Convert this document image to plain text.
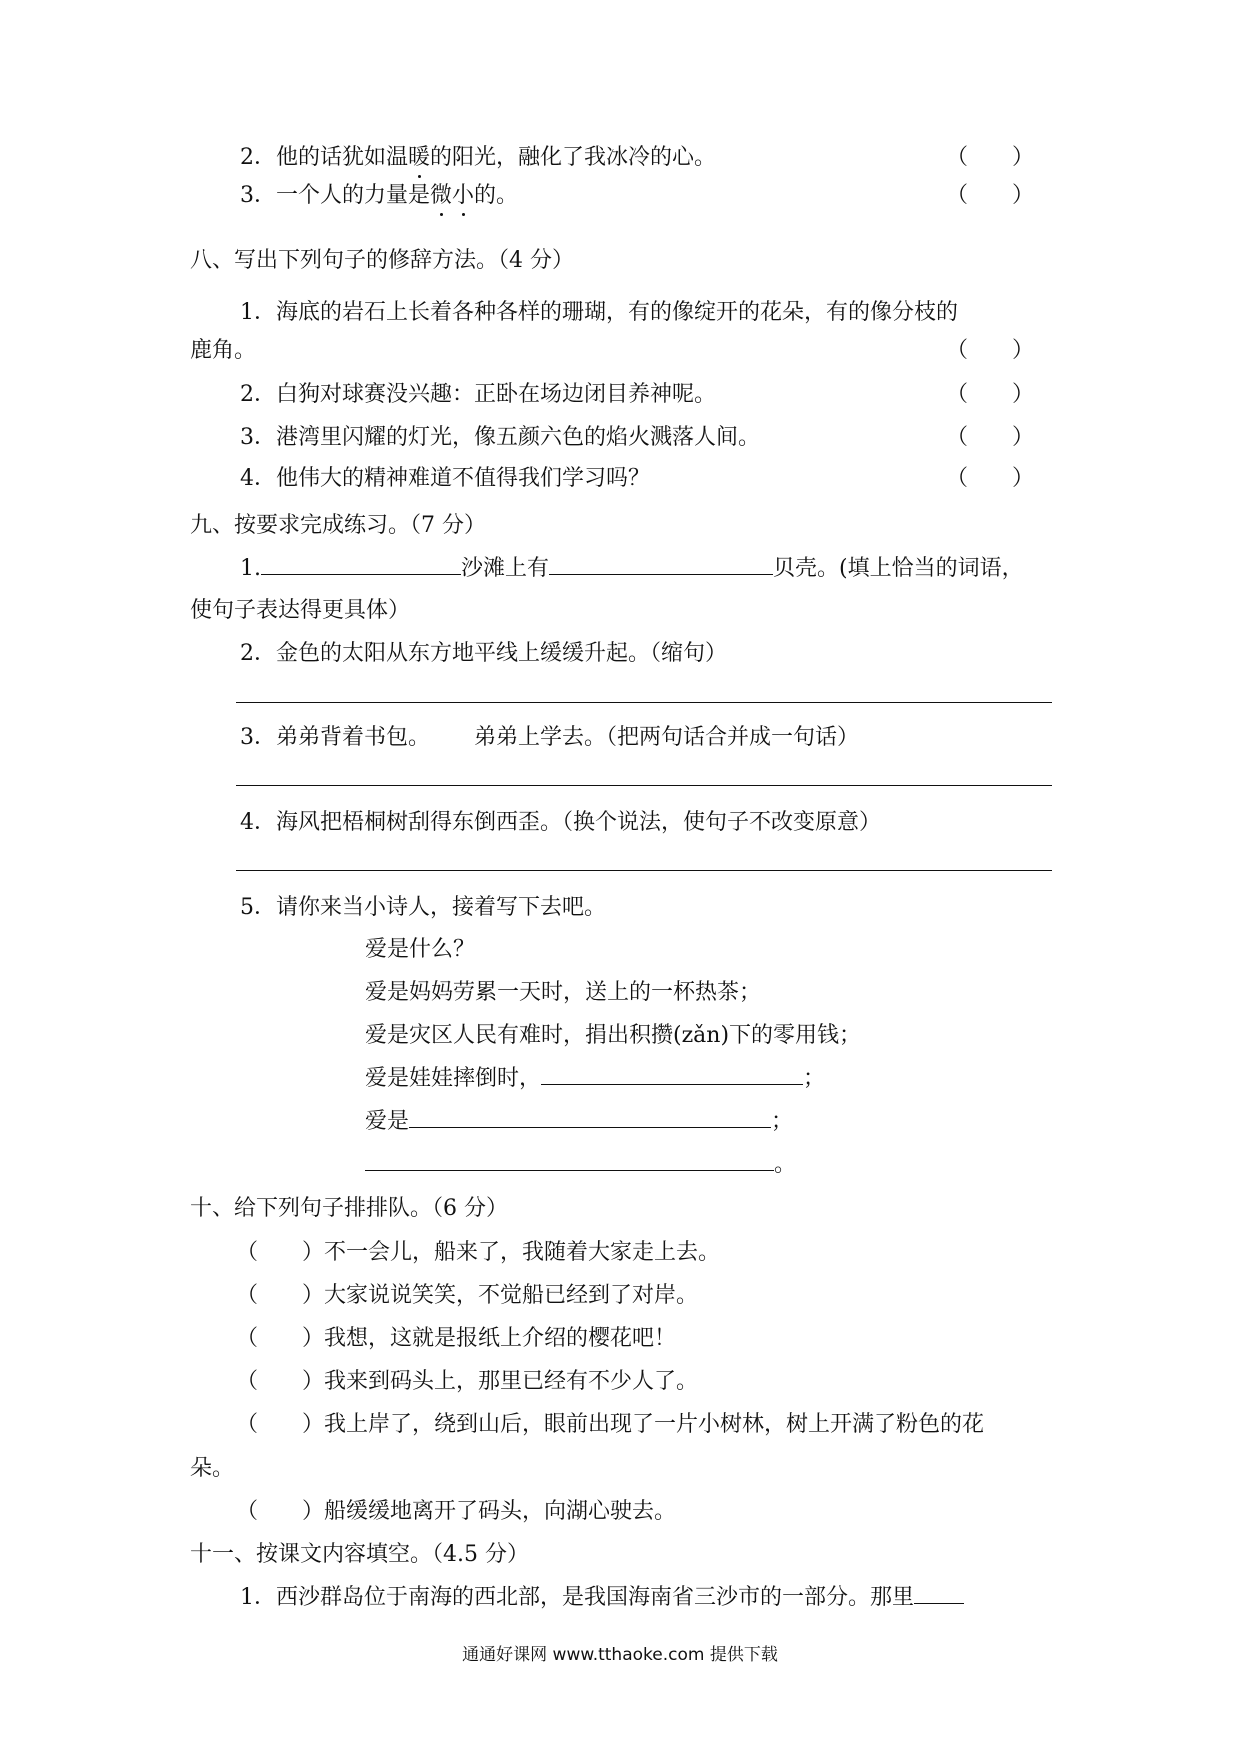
2．他的话犹如温暖的阳光，融化了我冰冷的心。	（　　）
3．一个人的力量是微小的。	（　　）
八、写出下列句子的修辞方法。（4 分）
1．海底的岩石上长着各种各样的珊瑚，有的像绽开的花朵，有的像分枝的
鹿角。	（　　）
2．白狗对球赛没兴趣：正卧在场边闭目养神呢。	（　　）
3．港湾里闪耀的灯光，像五颜六色的焰火溅落人间。	（　　）
4．他伟大的精神难道不值得我们学习吗？	（　　）
九、按要求完成练习。（7 分）
1.	沙滩上有	贝壳。(填上恰当的词语，
使句子表达得更具体）
2．金色的太阳从东方地平线上缓缓升起。（缩句）
3．弟弟背着书包。 弟弟上学去。（把两句话合并成一句话）
4．海风把梧桐树刮得东倒西歪。（换个说法，使句子不改变原意）
5．请你来当小诗人，接着写下去吧。
爱是什么？
爱是妈妈劳累一天时，送上的一杯热茶；
爱是灾区人民有难时，捐出积攒(zǎn)下的零用钱；
爱是娃娃摔倒时，	；
爱是	；
。
十、给下列句子排排队。（6 分）
（　　）不一会儿，船来了，我随着大家走上去。
（　　）大家说说笑笑，不觉船已经到了对岸。
（　　）我想，这就是报纸上介绍的樱花吧！
（　　）我来到码头上，那里已经有不少人了。
（　　）我上岸了，绕到山后，眼前出现了一片小树林，树上开满了粉色的花
朵。
（　　）船缓缓地离开了码头，向湖心驶去。
十一、按课文内容填空。（4.5 分）
1．西沙群岛位于南海的西北部，是我国海南省三沙市的一部分。那里
通通好课网 www.tthaoke.com 提供下载
